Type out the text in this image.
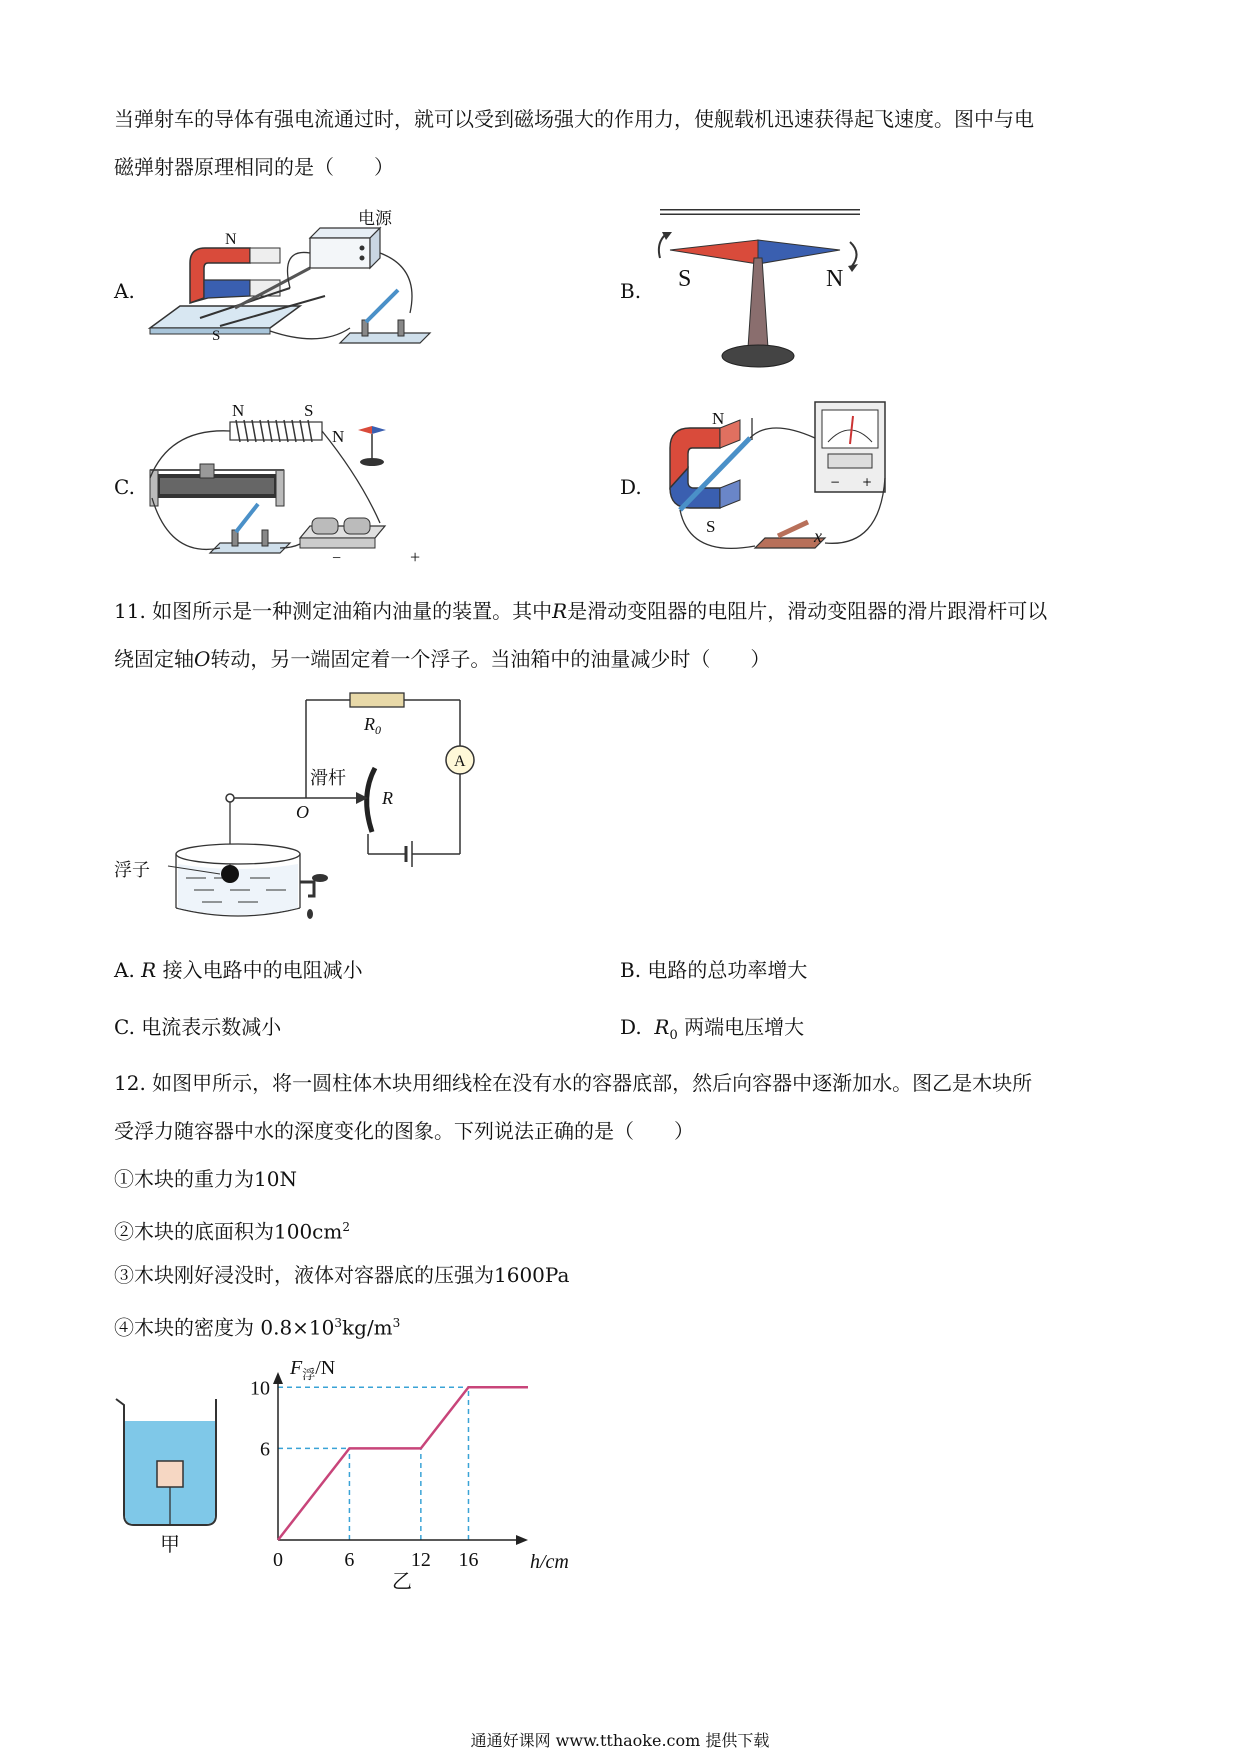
当弹射车的导体有强电流通过时，就可以受到磁场强大的作用力，使舰载机迅速获得起飞速度。图中与电
磁弹射器原理相同的是（　　）
A.
电源
N
S
B. S	N
C.
N	S
N
−	+
D.	− +
N
S	x
11. 如图所示是一种测定油箱内油量的装置。其中R是滑动变阻器的电阻片，滑动变阻器的滑片跟滑杆可以
绕固定轴O转动，另一端固定着一个浮子。当油箱中的油量减少时（　　）
$R_0$
A
滑杆
O
R
浮子
A. R 接入电路中的电阻减小	B. 电路的总功率增大
C. 电流表示数减小	D. $R_0$ 两端电压增大
12. 如图甲所示，将一圆柱体木块用细线栓在没有水的容器底部，然后向容器中逐渐加水。图乙是木块所
受浮力随容器中水的深度变化的图象。下列说法正确的是（　　）
①木块的重力为10N
②木块的底面积为$100cm^2$
③木块刚好浸没时，液体对容器底的压强为1600Pa
④木块的密度为 $0.8\times 10^3kg/m^3$
甲
0	6	12 16
6
10
$F_浮/N$
h/cm
乙
通通好课网 www.tthaoke.com 提供下载
